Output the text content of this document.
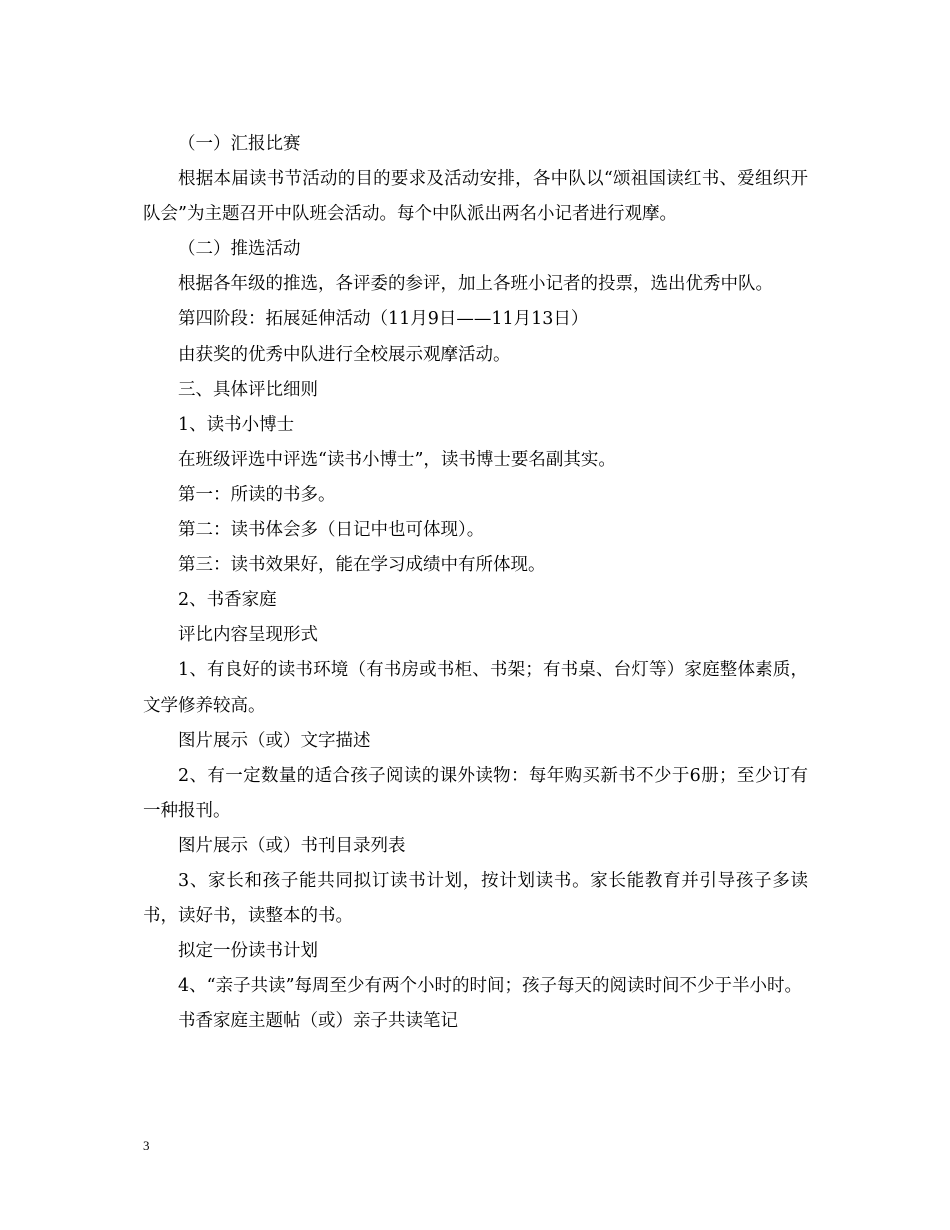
（一）汇报比赛

根据本届读书节活动的目的要求及活动安排，各中队以“颂祖国读红书、爱组织开队会”为主题召开中队班会活动。每个中队派出两名小记者进行观摩。

（二）推选活动

根据各年级的推选，各评委的参评，加上各班小记者的投票，选出优秀中队。

第四阶段：拓展延伸活动（11月9日——11月13日）

由获奖的优秀中队进行全校展示观摩活动。

三、具体评比细则

1、读书小博士

在班级评选中评选“读书小博士”，读书博士要名副其实。

第一：所读的书多。

第二：读书体会多（日记中也可体现）。

第三：读书效果好，能在学习成绩中有所体现。

2、书香家庭

评比内容呈现形式

1、有良好的读书环境（有书房或书柜、书架；有书桌、台灯等）家庭整体素质，文学修养较高。

图片展示（或）文字描述

2、有一定数量的适合孩子阅读的课外读物：每年购买新书不少于6册；至少订有一种报刊。

图片展示（或）书刊目录列表

3、家长和孩子能共同拟订读书计划，按计划读书。家长能教育并引导孩子多读书，读好书，读整本的书。

拟定一份读书计划

4、“亲子共读”每周至少有两个小时的时间；孩子每天的阅读时间不少于半小时。

书香家庭主题帖（或）亲子共读笔记

3
